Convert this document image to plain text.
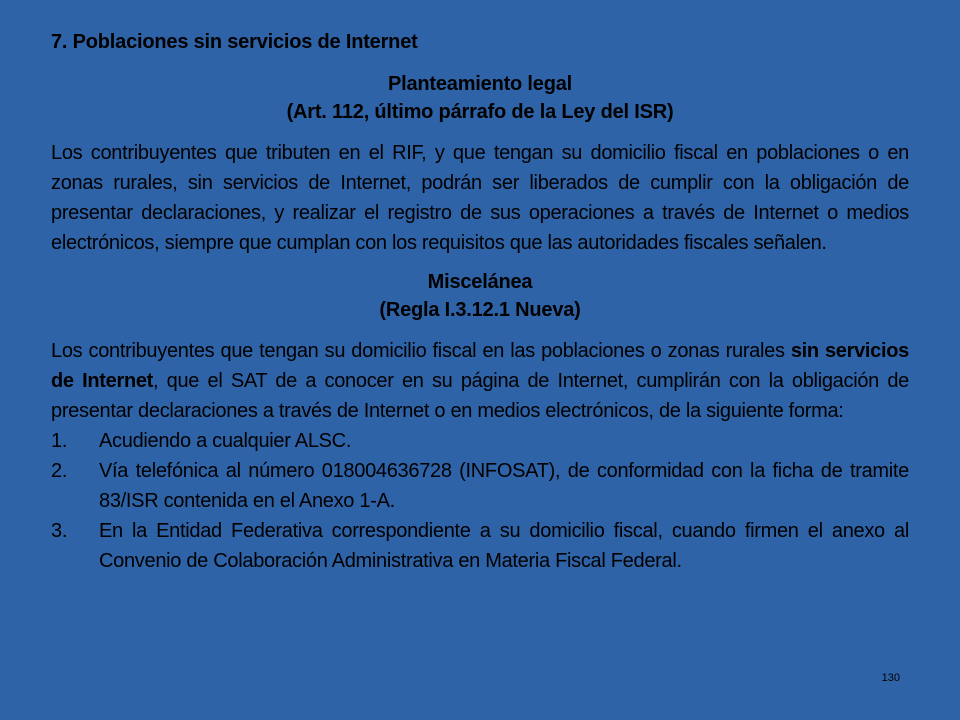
7. Poblaciones sin servicios de Internet
Planteamiento legal
(Art. 112, último párrafo de la Ley del ISR)

Los contribuyentes que tributen en el RIF, y que tengan su domicilio fiscal en poblaciones o en zonas rurales, sin servicios de Internet, podrán ser liberados de cumplir con la obligación de presentar declaraciones, y realizar el registro de sus operaciones a través de Internet o medios electrónicos, siempre que cumplan con los requisitos que las autoridades fiscales señalen.

Miscelánea
(Regla I.3.12.1 Nueva)

Los contribuyentes que tengan su domicilio fiscal en las poblaciones o zonas rurales sin servicios de Internet, que el SAT de a conocer en su página de Internet, cumplirán con la obligación de presentar declaraciones a través de Internet o en medios electrónicos, de la siguiente forma:

1.	Acudiendo a cualquier ALSC.
2.	Vía telefónica al número 018004636728 (INFOSAT), de conformidad con la ficha de tramite 83/ISR contenida en el Anexo 1-A.
3.	En la Entidad Federativa correspondiente a su domicilio fiscal, cuando firmen el anexo al Convenio de Colaboración Administrativa en Materia Fiscal Federal.
130
